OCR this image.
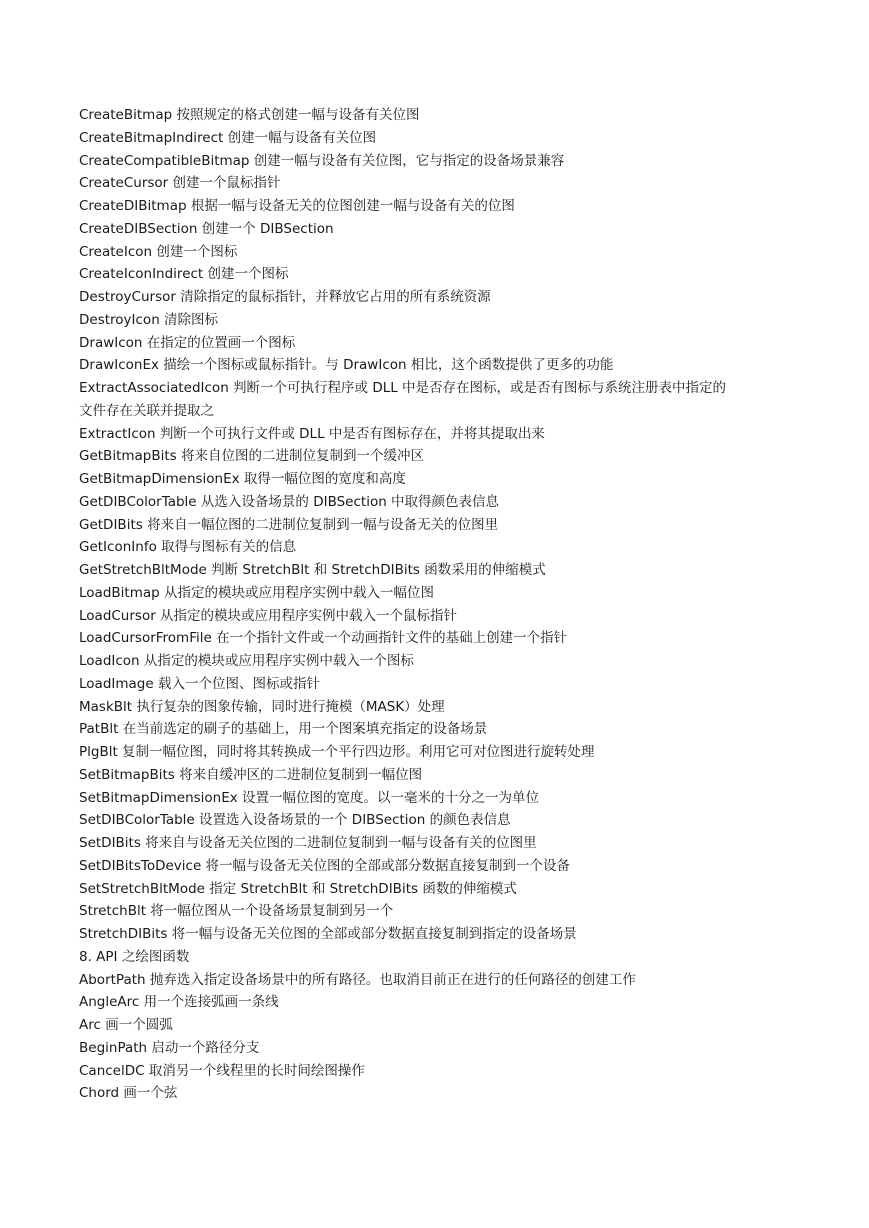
CreateBitmap 按照规定的格式创建一幅与设备有关位图
CreateBitmapIndirect 创建一幅与设备有关位图
CreateCompatibleBitmap 创建一幅与设备有关位图，它与指定的设备场景兼容
CreateCursor 创建一个鼠标指针
CreateDIBitmap 根据一幅与设备无关的位图创建一幅与设备有关的位图
CreateDIBSection 创建一个 DIBSection
CreateIcon 创建一个图标
CreateIconIndirect 创建一个图标
DestroyCursor 清除指定的鼠标指针，并释放它占用的所有系统资源
DestroyIcon 清除图标
DrawIcon 在指定的位置画一个图标
DrawIconEx 描绘一个图标或鼠标指针。与 DrawIcon 相比，这个函数提供了更多的功能
ExtractAssociatedIcon 判断一个可执行程序或 DLL 中是否存在图标，或是否有图标与系统注册表中指定的
文件存在关联并提取之
ExtractIcon 判断一个可执行文件或 DLL 中是否有图标存在，并将其提取出来
GetBitmapBits 将来自位图的二进制位复制到一个缓冲区
GetBitmapDimensionEx 取得一幅位图的宽度和高度
GetDIBColorTable 从选入设备场景的 DIBSection 中取得颜色表信息
GetDIBits 将来自一幅位图的二进制位复制到一幅与设备无关的位图里
GetIconInfo 取得与图标有关的信息
GetStretchBltMode 判断 StretchBlt 和 StretchDIBits 函数采用的伸缩模式
LoadBitmap 从指定的模块或应用程序实例中载入一幅位图
LoadCursor 从指定的模块或应用程序实例中载入一个鼠标指针
LoadCursorFromFile 在一个指针文件或一个动画指针文件的基础上创建一个指针
LoadIcon 从指定的模块或应用程序实例中载入一个图标
LoadImage 载入一个位图、图标或指针
MaskBlt 执行复杂的图象传输，同时进行掩模（MASK）处理
PatBlt 在当前选定的刷子的基础上，用一个图案填充指定的设备场景
PlgBlt 复制一幅位图，同时将其转换成一个平行四边形。利用它可对位图进行旋转处理
SetBitmapBits 将来自缓冲区的二进制位复制到一幅位图
SetBitmapDimensionEx 设置一幅位图的宽度。以一毫米的十分之一为单位
SetDIBColorTable 设置选入设备场景的一个 DIBSection 的颜色表信息
SetDIBits 将来自与设备无关位图的二进制位复制到一幅与设备有关的位图里
SetDIBitsToDevice 将一幅与设备无关位图的全部或部分数据直接复制到一个设备
SetStretchBltMode 指定 StretchBlt 和 StretchDIBits 函数的伸缩模式
StretchBlt 将一幅位图从一个设备场景复制到另一个
StretchDIBits 将一幅与设备无关位图的全部或部分数据直接复制到指定的设备场景
8. API 之绘图函数
AbortPath 抛弃选入指定设备场景中的所有路径。也取消目前正在进行的任何路径的创建工作
AngleArc 用一个连接弧画一条线
Arc 画一个圆弧
BeginPath 启动一个路径分支
CancelDC 取消另一个线程里的长时间绘图操作
Chord 画一个弦
